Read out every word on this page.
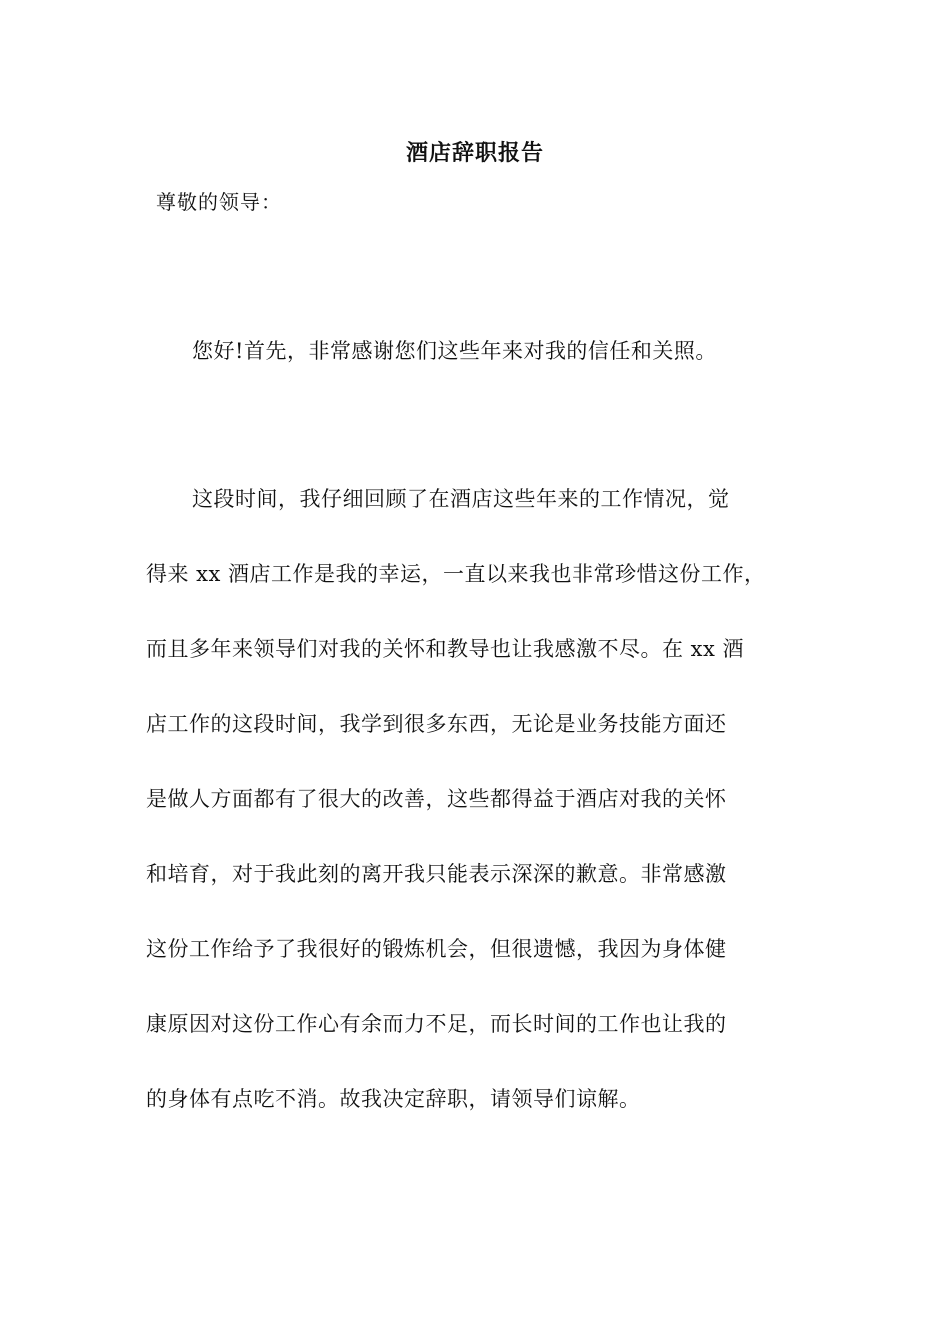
酒店辞职报告
尊敬的领导：

您好!首先，非常感谢您们这些年来对我的信任和关照。

这段时间，我仔细回顾了在酒店这些年来的工作情况，觉
得来 xx 酒店工作是我的幸运，一直以来我也非常珍惜这份工作，
而且多年来领导们对我的关怀和教导也让我感激不尽。在 xx 酒
店工作的这段时间，我学到很多东西，无论是业务技能方面还
是做人方面都有了很大的改善，这些都得益于酒店对我的关怀
和培育，对于我此刻的离开我只能表示深深的歉意。非常感激
这份工作给予了我很好的锻炼机会，但很遗憾，我因为身体健
康原因对这份工作心有余而力不足，而长时间的工作也让我的
的身体有点吃不消。故我决定辞职，请领导们谅解。
